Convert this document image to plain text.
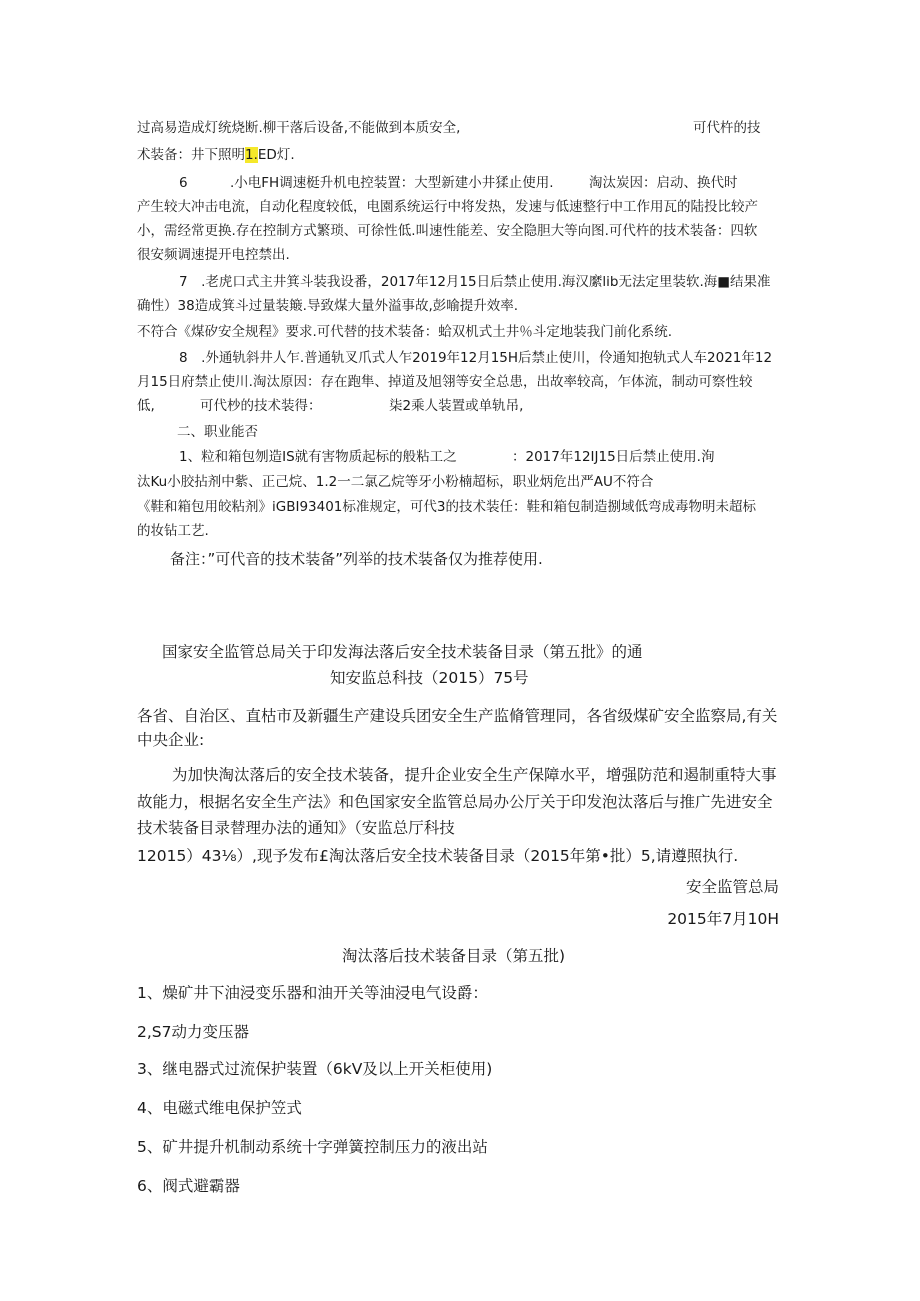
过高易造成灯统烧断.柳干落后设备,不能做到本质安全,	可代杵的技
术装备：井下照明1.ED灯.
6	.小电FH调速梃升机电控装置：大型新建小井猱止使用.	淘汰炭因：启动、换代时
产生较大冲击电流，自动化程度较低，电園系统运行中将发热，发速与低速整行中工作用瓦的陆投比较产
小，需经常更换.存在控制方式繁琐、可徐性低.叫速性能差、安全隐胆大等向图.可代杵的技术装备：四软
很安频调速提开电控禁出.
7　.老虎口式主井箕斗装我设番，2017年12月15日后禁止使用.海汉縻lib无法定里装软.海■结果准
确性）38造成箕斗过量装簸.导致煤大量外溢事故,彭喻提升效率.
不符合《煤矽安全规程》要求.可代替的技术装备：蛤双机式土井％斗定地装我门前化系统.
8　.外通轨斜井人乍.普通轨叉爪式人乍2019年12月15H后禁止使川，伶通知抱轨式人车2021年12
月15日府禁止使川.淘汰原因：存在跑隼、掉道及旭翎等安全总患，出故率较高，乍体流，制动可察性较
低,	可代杪的技术装得：	柒2乘人装置或单轨吊,
二、职业能否
1、粒和箱包刎造IS就有害物质起标的般粘工之	：2017年12IJ15日后禁止使用.洵
汰Ku小胶拈剂中紫、正己烷、1.2一二氯乙烷等牙小粉楠超标，职业炳危出严AU不符合
《鞋和箱包用皎粘剂》iGBI93401标准规定，可代3的技术装任：鞋和箱包制造捌域低弯成毒物明未超标
的妆钻工艺.
备注：”可代音的技术装备”列举的技术装备仅为推荐使用.
国家安全监管总局关于印发海法落后安全技术装备目录（第五批》的通
知安监总科技（2015）75号
各省、自治区、直枯市及新疆生产建设兵团安全生产监脩管理同，各省级煤矿安全监察局,有关
中央企业:
为加快淘汰落后的安全技术装备，提升企业安全生产保障水平，增强防范和遏制重特大事
故能力，根据名安全生产法》和色国家安全监管总局办公厅关于印发泡汰落后与推广先进安全
技术装备目录替理办法的通知》（安监总厅科技
12015）43⅛）,现予发布£淘汰落后安全技术装备目录（2015年第•批）5,请遵照执行.
安全监管总局
2015年7月10H
淘汰落后技术装备目录（第五批)
1、燥矿井下油浸变乐器和油开关等油浸电气设爵：
2,S7动力变压器
3、继电器式过流保护装置（6kV及以上开关柜使用)
4、电磁式维电保护笠式
5、矿井提升机制动系统十字弹簧控制压力的液出站
6、阀式避霸器
